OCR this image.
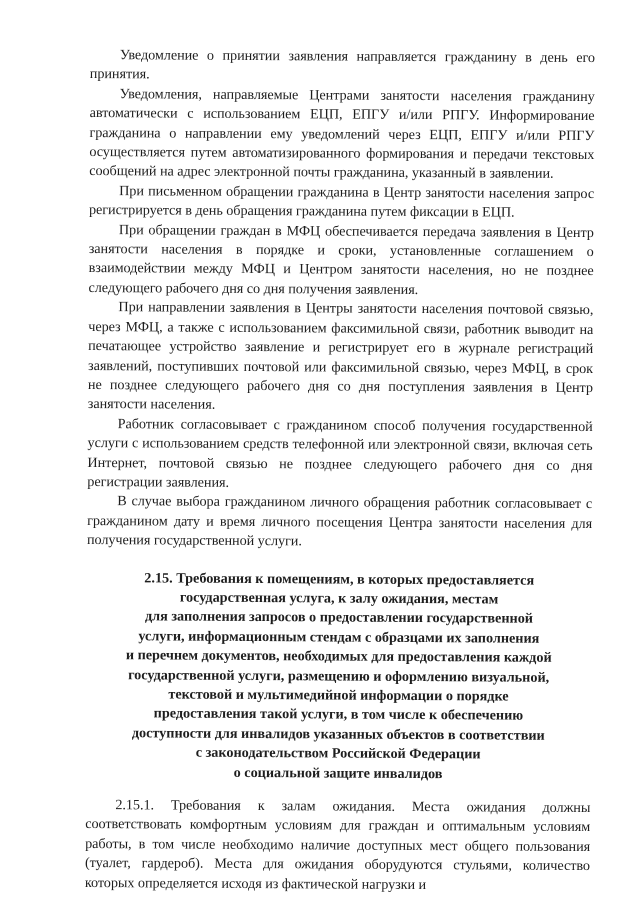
Уведомление о принятии заявления направляется гражданину в день его принятия.

Уведомления, направляемые Центрами занятости населения гражданину автоматически с использованием ЕЦП, ЕПГУ и/или РПГУ. Информирование гражданина о направлении ему уведомлений через ЕЦП, ЕПГУ и/или РПГУ осуществляется путем автоматизированного формирования и передачи текстовых сообщений на адрес электронной почты гражданина, указанный в заявлении.

При письменном обращении гражданина в Центр занятости населения запрос регистрируется в день обращения гражданина путем фиксации в ЕЦП.

При обращении граждан в МФЦ обеспечивается передача заявления в Центр занятости населения в порядке и сроки, установленные соглашением о взаимодействии между МФЦ и Центром занятости населения, но не позднее следующего рабочего дня со дня получения заявления.

При направлении заявления в Центры занятости населения почтовой связью, через МФЦ, а также с использованием факсимильной связи, работник выводит на печатающее устройство заявление и регистрирует его в журнале регистраций заявлений, поступивших почтовой или факсимильной связью, через МФЦ, в срок не позднее следующего рабочего дня со дня поступления заявления в Центр занятости населения.

Работник согласовывает с гражданином способ получения государственной услуги с использованием средств телефонной или электронной связи, включая сеть Интернет, почтовой связью не позднее следующего рабочего дня со дня регистрации заявления.

В случае выбора гражданином личного обращения работник согласовывает с гражданином дату и время личного посещения Центра занятости населения для получения государственной услуги.

2.15. Требования к помещениям, в которых предоставляется
государственная услуга, к залу ожидания, местам
для заполнения запросов о предоставлении государственной
услуги, информационным стендам с образцами их заполнения
и перечнем документов, необходимых для предоставления каждой
государственной услуги, размещению и оформлению визуальной,
текстовой и мультимедийной информации о порядке
предоставления такой услуги, в том числе к обеспечению
доступности для инвалидов указанных объектов в соответствии
с законодательством Российской Федерации
о социальной защите инвалидов

2.15.1. Требования к залам ожидания. Места ожидания должны соответствовать комфортным условиям для граждан и оптимальным условиям работы, в том числе необходимо наличие доступных мест общего пользования (туалет, гардероб). Места для ожидания оборудуются стульями, количество которых определяется исходя из фактической нагрузки и
